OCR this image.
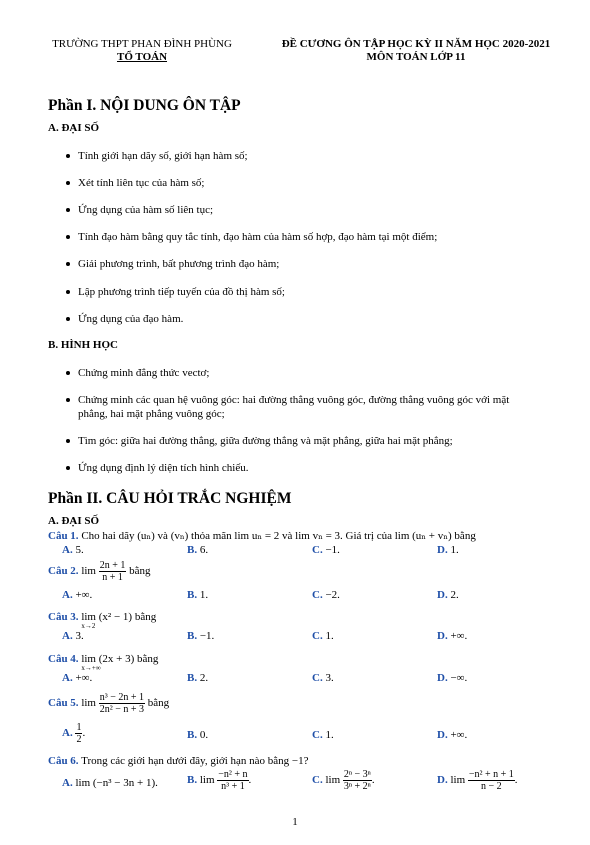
TRƯỜNG THPT PHAN ĐÌNH PHÙNG
TỔ TOÁN
ĐỀ CƯƠNG ÔN TẬP HỌC KỲ II NĂM HỌC 2020-2021
MÔN TOÁN LỚP 11
Phần I. NỘI DUNG ÔN TẬP
A. ĐẠI SỐ
Tính giới hạn dãy số, giới hạn hàm số;
Xét tính liên tục của hàm số;
Ứng dụng của hàm số liên tục;
Tính đạo hàm bằng quy tắc tính, đạo hàm của hàm số hợp, đạo hàm tại một điểm;
Giải phương trình, bất phương trình đạo hàm;
Lập phương trình tiếp tuyến của đồ thị hàm số;
Ứng dụng của đạo hàm.
B. HÌNH HỌC
Chứng minh đẳng thức vectơ;
Chứng minh các quan hệ vuông góc: hai đường thẳng vuông góc, đường thẳng vuông góc với mặt phẳng, hai mặt phẳng vuông góc;
Tìm góc: giữa hai đường thẳng, giữa đường thẳng và mặt phẳng, giữa hai mặt phẳng;
Ứng dụng định lý diện tích hình chiếu.
Phần II. CÂU HỎI TRẮC NGHIỆM
A. ĐẠI SỐ
Câu 1. Cho hai dãy (uₙ) và (vₙ) thỏa mãn lim uₙ = 2 và lim vₙ = 3. Giá trị của lim (uₙ + vₙ) bằng
A. 5.	B. 6.	C. −1.	D. 1.
Câu 2. $\lim \frac{2n + 1}{n + 1}$ bằng
A. +∞.	B. 1.	C. −2.	D. 2.
Câu 3. lim
x→2
(x² − 1) bằng
A. 3.	B. −1.	C. 1.	D. +∞.
Câu 4. lim
x→+∞
(2x + 3) bằng
A. +∞.	B. 2.	C. 3.	D. −∞.
Câu 5. $\lim \frac{\text{n³ − 2n + 1}}{\text{2n² − n + 3}}$ bằng
A. $\frac{1}{2}$ .	B. 0.	C. 1.	D. +∞.
Câu 6. Trong các giới hạn dưới đây, giới hạn nào bằng −1?
A. lim (−n³ − 3n + 1).	B. $\lim \frac{\text{−n² + n}}{\text{n³ + 1}}$ .	C. $\lim \frac{\text{2ⁿ − 3ⁿ}}{\text{3ⁿ + 2ⁿ}}$ .	D. $\lim \frac{\text{−n² + n + 1}}{n - 2}$ .
1
